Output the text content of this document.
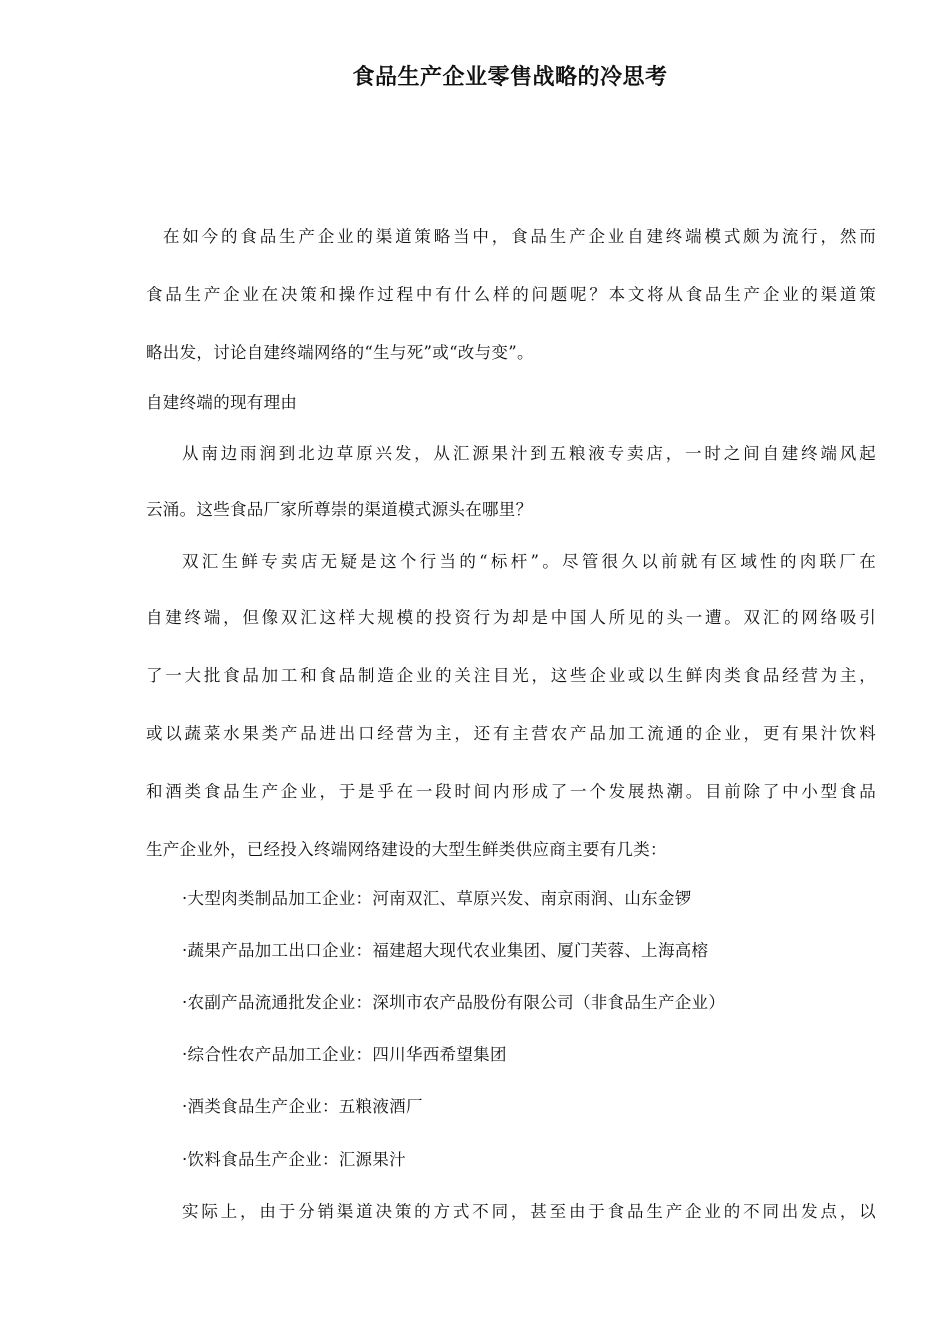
食品生产企业零售战略的冷思考
在如今的食品生产企业的渠道策略当中，食品生产企业自建终端模式颇为流行，然而
食品生产企业在决策和操作过程中有什么样的问题呢？本文将从食品生产企业的渠道策
略出发，讨论自建终端网络的“生与死”或“改与变”。
自建终端的现有理由
从南边雨润到北边草原兴发，从汇源果汁到五粮液专卖店，一时之间自建终端风起
云涌。这些食品厂家所尊崇的渠道模式源头在哪里？
双汇生鲜专卖店无疑是这个行当的“标杆”。尽管很久以前就有区域性的肉联厂在
自建终端，但像双汇这样大规模的投资行为却是中国人所见的头一遭。双汇的网络吸引
了一大批食品加工和食品制造企业的关注目光，这些企业或以生鲜肉类食品经营为主，
或以蔬菜水果类产品进出口经营为主，还有主营农产品加工流通的企业，更有果汁饮料
和酒类食品生产企业，于是乎在一段时间内形成了一个发展热潮。目前除了中小型食品
生产企业外，已经投入终端网络建设的大型生鲜类供应商主要有几类：
·大型肉类制品加工企业：河南双汇、草原兴发、南京雨润、山东金锣
·蔬果产品加工出口企业：福建超大现代农业集团、厦门芙蓉、上海高榕
·农副产品流通批发企业：深圳市农产品股份有限公司（非食品生产企业）
·综合性农产品加工企业：四川华西希望集团
·酒类食品生产企业：五粮液酒厂
·饮料食品生产企业：汇源果汁
实际上，由于分销渠道决策的方式不同，甚至由于食品生产企业的不同出发点，以
